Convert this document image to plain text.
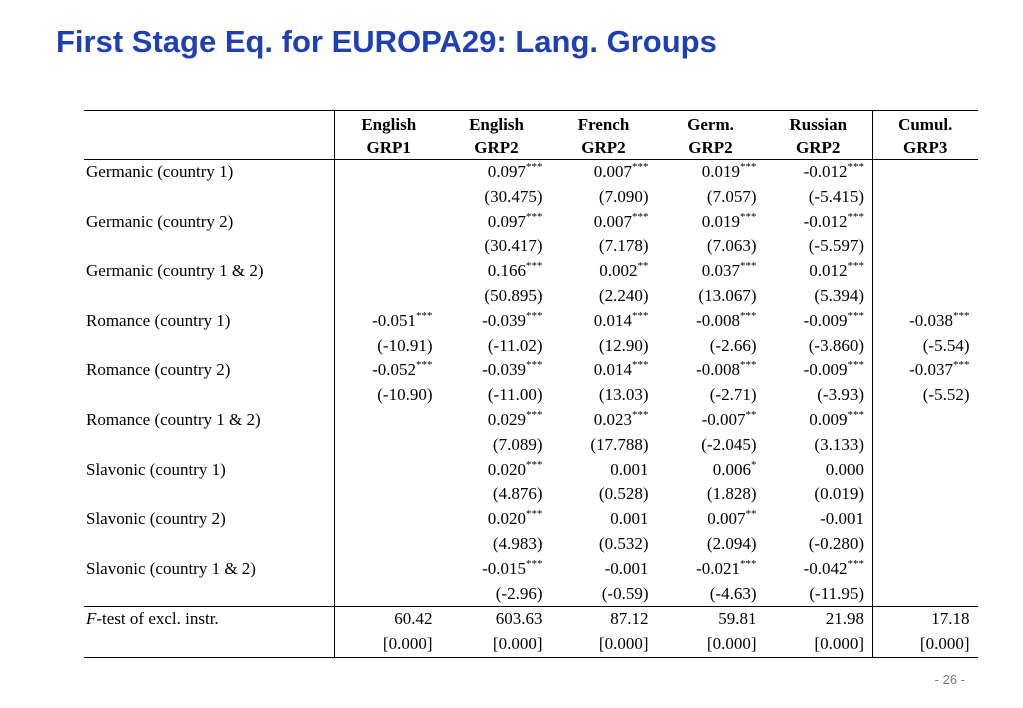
First Stage Eq. for EUROPA29: Lang. Groups
	English	English	French	Germ.	Russian	Cumul.
	GRP1	GRP2	GRP2	GRP2	GRP2	GRP3
Germanic (country 1)		0.097***	0.007***	0.019***	-0.012***	
		(30.475)	(7.090)	(7.057)	(-5.415)	
Germanic (country 2)		0.097***	0.007***	0.019***	-0.012***	
		(30.417)	(7.178)	(7.063)	(-5.597)	
Germanic (country 1 & 2)		0.166***	0.002**	0.037***	0.012***	
		(50.895)	(2.240)	(13.067)	(5.394)	
Romance (country 1)	-0.051***	-0.039***	0.014***	-0.008***	-0.009***	-0.038***
	(-10.91)	(-11.02)	(12.90)	(-2.66)	(-3.860)	(-5.54)
Romance (country 2)	-0.052***	-0.039***	0.014***	-0.008***	-0.009***	-0.037***
	(-10.90)	(-11.00)	(13.03)	(-2.71)	(-3.93)	(-5.52)
Romance (country 1 & 2)		0.029***	0.023***	-0.007**	0.009***	
		(7.089)	(17.788)	(-2.045)	(3.133)	
Slavonic (country 1)		0.020***	0.001	0.006*	0.000	
		(4.876)	(0.528)	(1.828)	(0.019)	
Slavonic (country 2)		0.020***	0.001	0.007**	-0.001	
		(4.983)	(0.532)	(2.094)	(-0.280)	
Slavonic (country 1 & 2)		-0.015***	-0.001	-0.021***	-0.042***	
		(-2.96)	(-0.59)	(-4.63)	(-11.95)	
F-test of excl. instr.	60.42	603.63	87.12	59.81	21.98	17.18
	[0.000]	[0.000]	[0.000]	[0.000]	[0.000]	[0.000]
- 26 -
